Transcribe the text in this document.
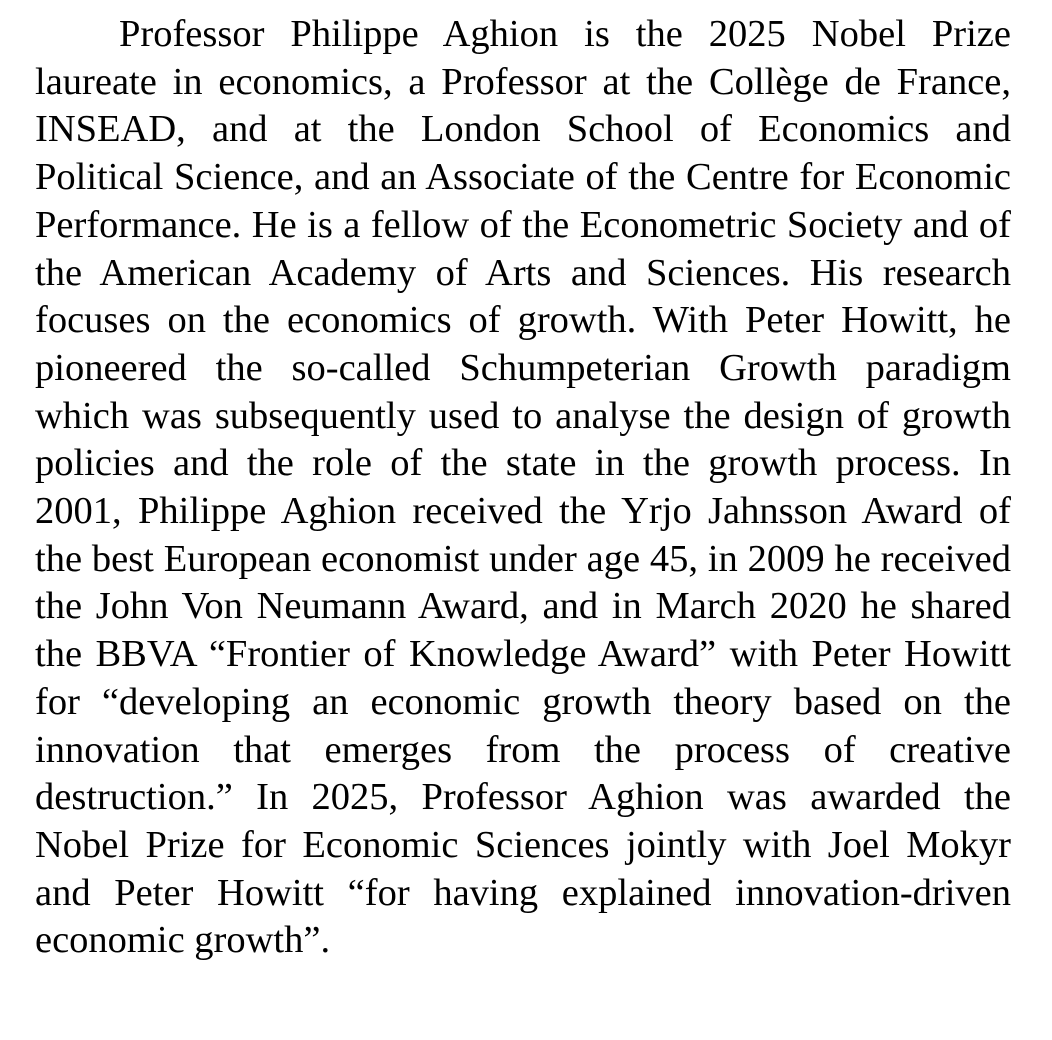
Professor Philippe Aghion is the 2025 Nobel Prize laureate in economics, a Professor at the Collège de France, INSEAD, and at the London School of Economics and Political Science, and an Associate of the Centre for Economic Performance. He is a fellow of the Econometric Society and of the American Academy of Arts and Sciences. His research focuses on the economics of growth. With Peter Howitt, he pioneered the so-called Schumpeterian Growth paradigm which was subsequently used to analyse the design of growth policies and the role of the state in the growth process. In 2001, Philippe Aghion received the Yrjo Jahnsson Award of the best European economist under age 45, in 2009 he received the John Von Neumann Award, and in March 2020 he shared the BBVA “Frontier of Knowledge Award” with Peter Howitt for “developing an economic growth theory based on the innovation that emerges from the process of creative destruction.” In 2025, Professor Aghion was awarded the Nobel Prize for Economic Sciences jointly with Joel Mokyr and Peter Howitt “for having explained innovation-driven economic growth”.
